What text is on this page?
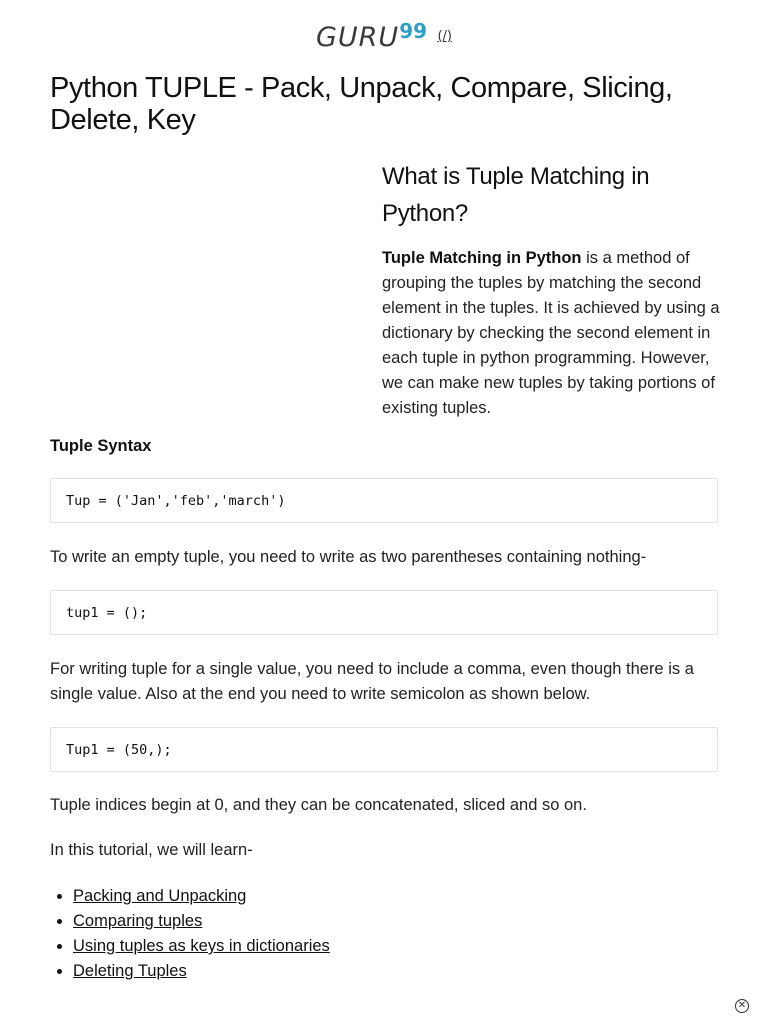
GURU99 (/)
Python TUPLE - Pack, Unpack, Compare, Slicing, Delete, Key
What is Tuple Matching in Python?

Tuple Matching in Python is a method of grouping the tuples by matching the second element in the tuples. It is achieved by using a dictionary by checking the second element in each tuple in python programming. However, we can make new tuples by taking portions of existing tuples.

Tuple Syntax
Tup = ('Jan','feb','march')

To write an empty tuple, you need to write as two parentheses containing nothing-

tup1 = ();

For writing tuple for a single value, you need to include a comma, even though there is a single value. Also at the end you need to write semicolon as shown below.

Tup1 = (50,);

Tuple indices begin at 0, and they can be concatenated, sliced and so on.

In this tutorial, we will learn-

• Packing and Unpacking
• Comparing tuples
• Using tuples as keys in dictionaries
• Deleting Tuples
✕
